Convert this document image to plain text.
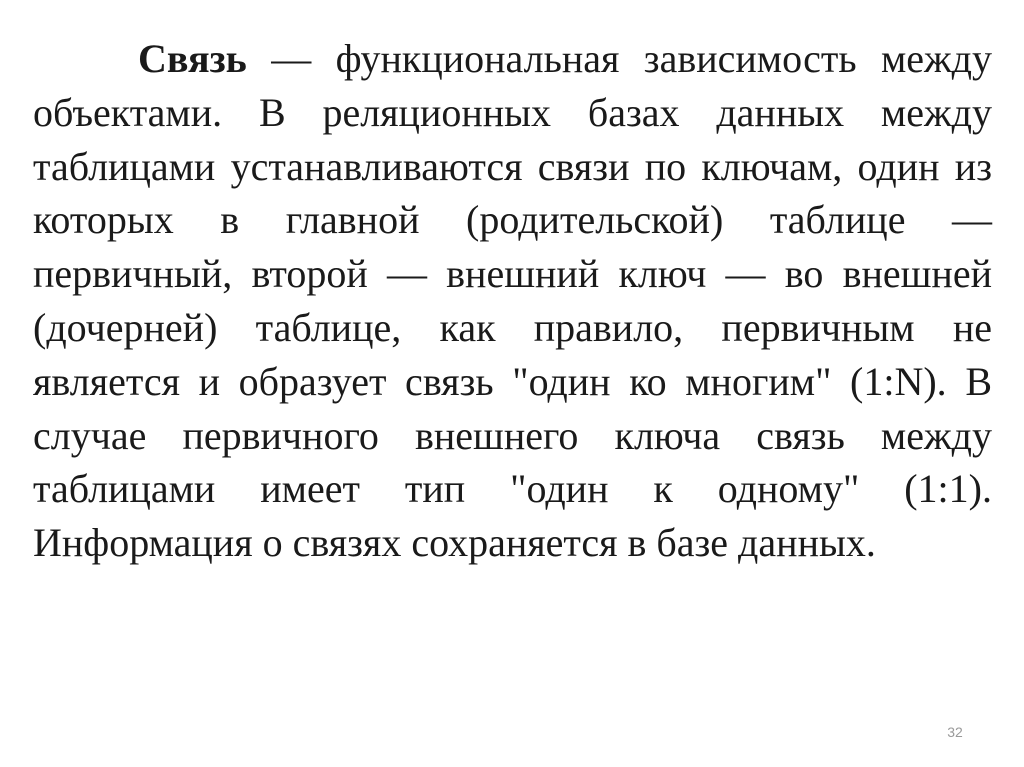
Связь — функциональная зависимость между объектами. В реляционных базах данных между таблицами устанавливаются связи по ключам, один из которых в главной (родительской) таблице — первичный, второй — внешний ключ — во внешней (дочерней) таблице, как правило, первичным не является и образует связь "один ко многим" (1:N). В случае первичного внешнего ключа связь между таблицами имеет тип "один к одному" (1:1). Информация о связях сохраняется в базе данных.

32
